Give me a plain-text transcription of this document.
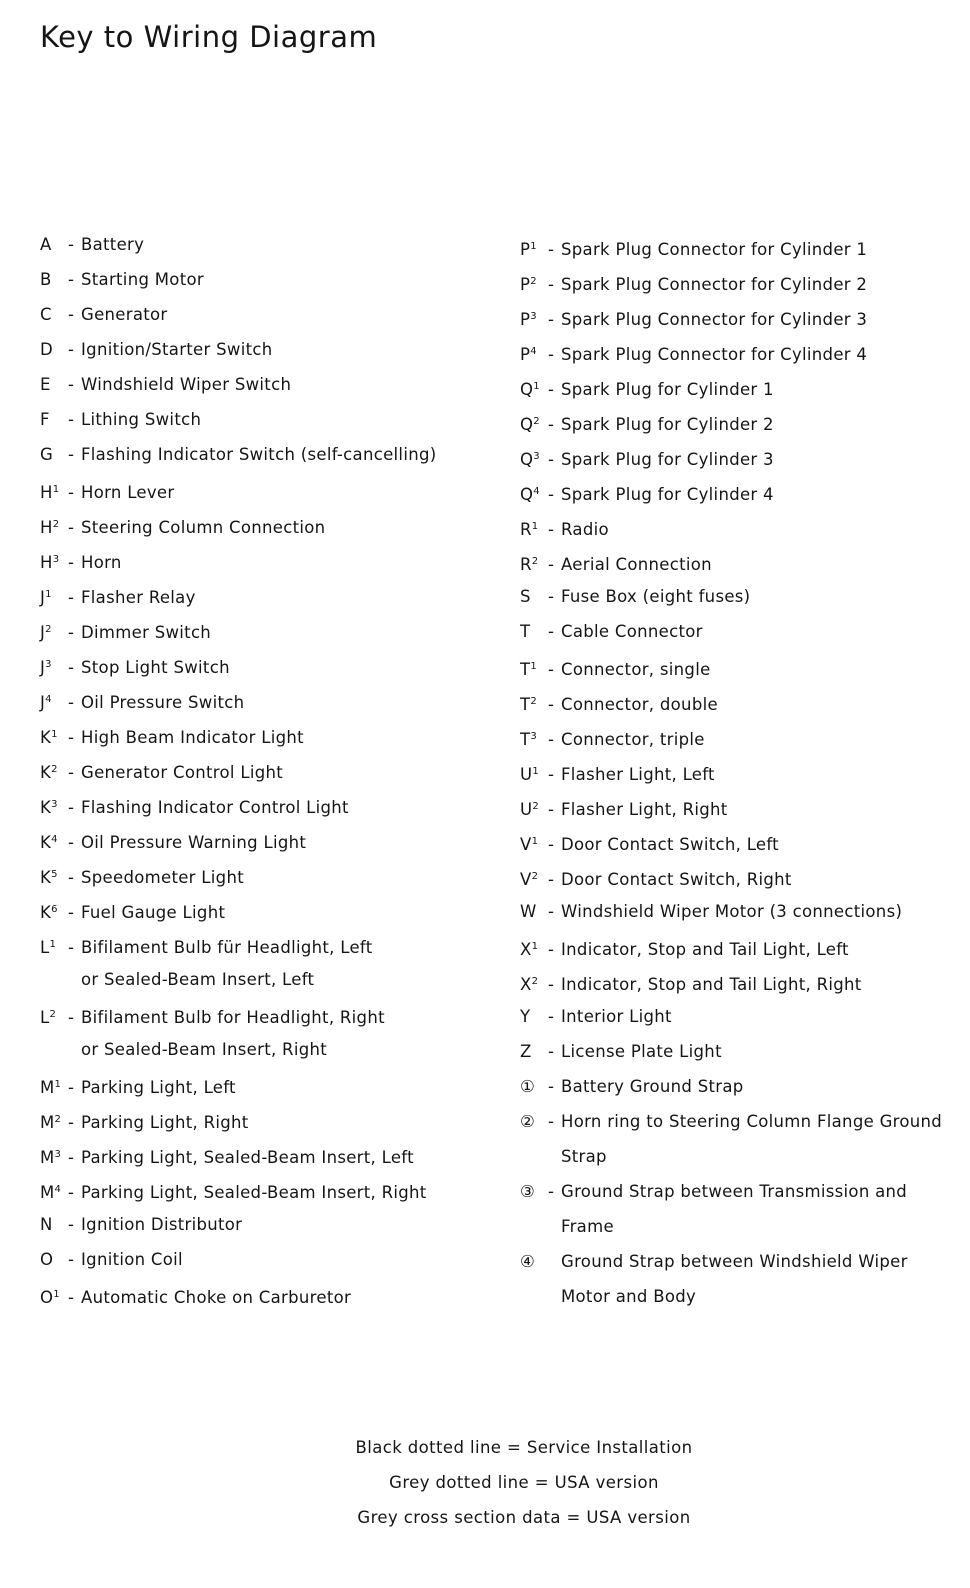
Key to Wiring Diagram
A - Battery
B - Starting Motor
C - Generator
D - Ignition/Starter Switch
E - Windshield Wiper Switch
F - Lithing Switch
G - Flashing Indicator Switch (self-cancelling)
$H^1$ - Horn Lever
$H^2$ - Steering Column Connection
$H^3$ - Horn
$J^1$ - Flasher Relay
$J^2$ - Dimmer Switch
$J^3$ - Stop Light Switch
$J^4$ - Oil Pressure Switch
$K^1$ - High Beam Indicator Light
$K^2$ - Generator Control Light
$K^3$ - Flashing Indicator Control Light
$K^4$ - Oil Pressure Warning Light
$K^5$ - Speedometer Light
$K^6$ - Fuel Gauge Light
$L^1$ - Bifilament Bulb für Headlight, Left
or Sealed-Beam Insert, Left
$L^2$ - Bifilament Bulb for Headlight, Right
or Sealed-Beam Insert, Right
$M^1$ - Parking Light, Left
$M^2$ - Parking Light, Right
$M^3$ - Parking Light, Sealed-Beam Insert, Left
$M^4$ - Parking Light, Sealed-Beam Insert, Right
N - Ignition Distributor
O - Ignition Coil
$O^1$ - Automatic Choke on Carburetor
$P^1$ - Spark Plug Connector for Cylinder 1
$P^2$ - Spark Plug Connector for Cylinder 2
$P^3$ - Spark Plug Connector for Cylinder 3
$P^4$ - Spark Plug Connector for Cylinder 4
$Q^1$ - Spark Plug for Cylinder 1
$Q^2$ - Spark Plug for Cylinder 2
$Q^3$ - Spark Plug for Cylinder 3
$Q^4$ - Spark Plug for Cylinder 4
$R^1$ - Radio
$R^2$ - Aerial Connection
S - Fuse Box (eight fuses)
T - Cable Connector
$T^1$ - Connector, single
$T^2$ - Connector, double
$T^3$ - Connector, triple
$U^1$ - Flasher Light, Left
$U^2$ - Flasher Light, Right
$V^1$ - Door Contact Switch, Left
$V^2$ - Door Contact Switch, Right
W - Windshield Wiper Motor (3 connections)
$X^1$ - Indicator, Stop and Tail Light, Left
$X^2$ - Indicator, Stop and Tail Light, Right
Y - Interior Light
Z - License Plate Light
① - Battery Ground Strap
② - Horn ring to Steering Column Flange Ground
Strap
③ - Ground Strap between Transmission and
Frame
④ Ground Strap between Windshield Wiper
Motor and Body
Black dotted line = Service Installation
Grey dotted line = USA version
Grey cross section data = USA version
